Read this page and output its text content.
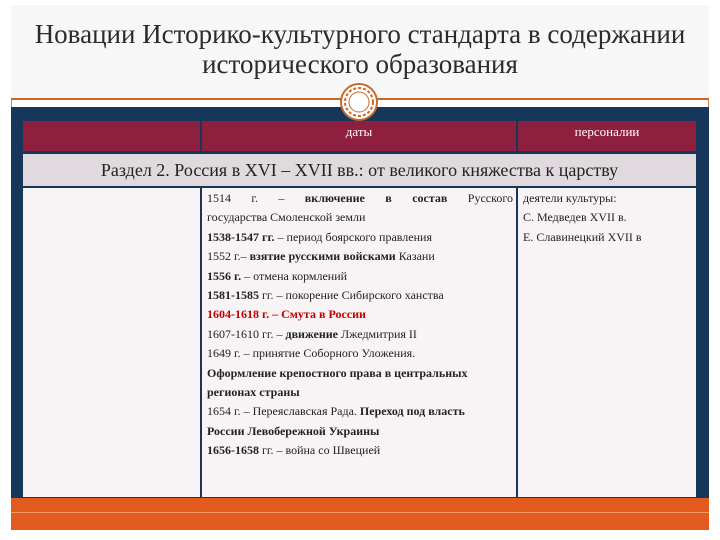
Новации Историко-культурного стандарта в содержании
исторического образования
даты	персоналии
Раздел 2. Россия в XVI – XVII вв.: от великого княжества к царству
1514 г. – включение в состав Русского
государства Смоленской земли
1538-1547 гг. – период боярского правления
1552 г.– взятие русскими войсками Казани
1556 г. – отмена кормлений
1581-1585 гг. – покорение Сибирского ханства
1604-1618 г. – Смута в России
1607-1610 гг. – движение Лжедмитрия II
1649 г. – принятие Соборного Уложения.
Оформление крепостного права в центральных
регионах страны
1654 г. – Переяславская Рада. Переход под власть
России Левобережной Украины
1656-1658 гг. – война со Швецией
деятели культуры:
С. Медведев XVII в.
Е. Славинецкий XVII в
